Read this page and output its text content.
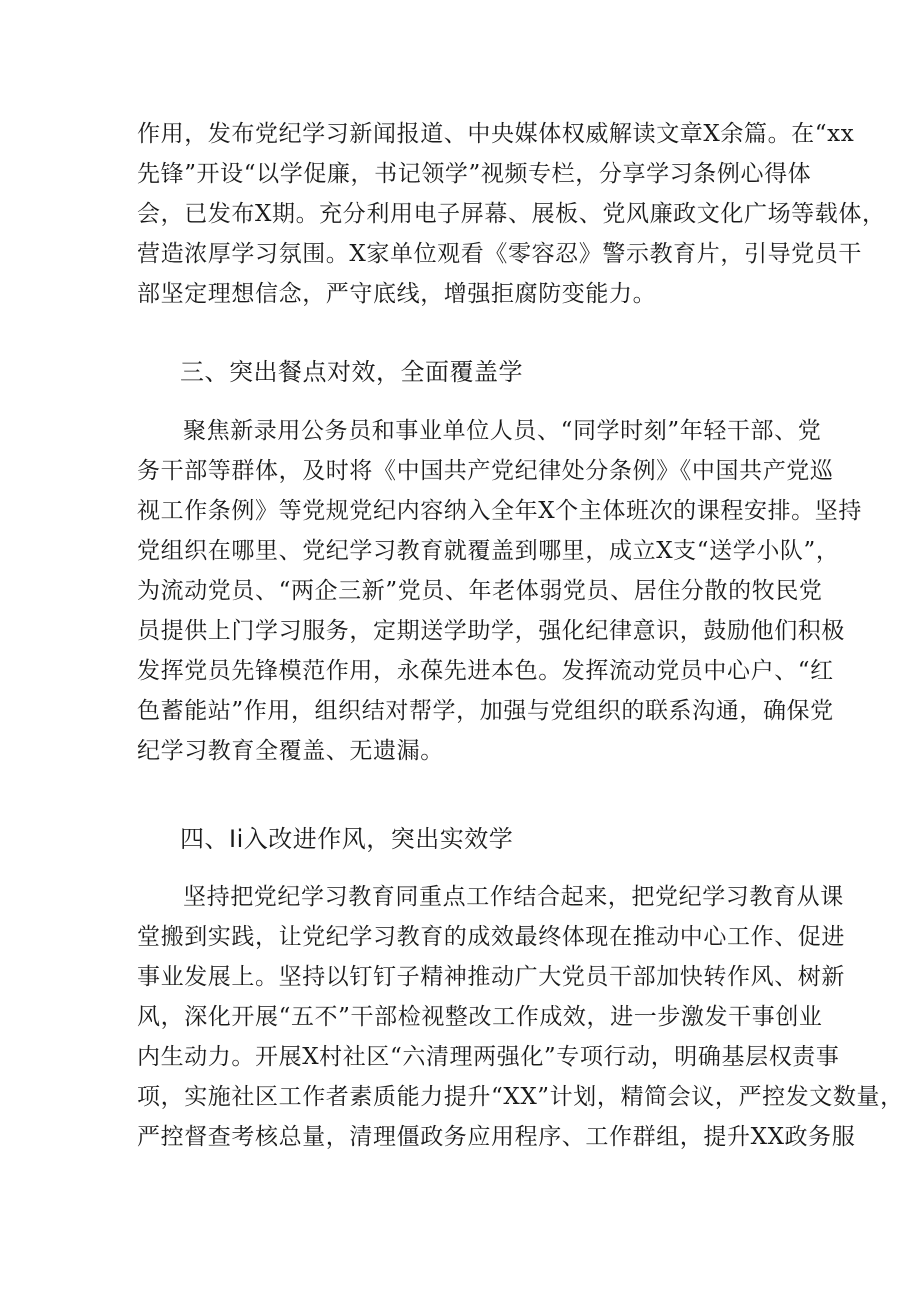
作用，发布党纪学习新闻报道、中央媒体权威解读文章X余篇。在“xx
先锋”开设“以学促廉，书记领学”视频专栏，分享学习条例心得体
会，已发布X期。充分利用电子屏幕、展板、党风廉政文化广场等载体，
营造浓厚学习氛围。X家单位观看《零容忍》警示教育片，引导党员干
部坚定理想信念，严守底线，增强拒腐防变能力。
三、突出餐点对效，全面覆盖学
聚焦新录用公务员和事业单位人员、“同学时刻”年轻干部、党
务干部等群体，及时将《中国共产党纪律处分条例》《中国共产党巡
视工作条例》等党规党纪内容纳入全年X个主体班次的课程安排。坚持
党组织在哪里、党纪学习教育就覆盖到哪里，成立X支“送学小队”，
为流动党员、“两企三新”党员、年老体弱党员、居住分散的牧民党
员提供上门学习服务，定期送学助学，强化纪律意识，鼓励他们积极
发挥党员先锋模范作用，永葆先进本色。发挥流动党员中心户、“红
色蓄能站”作用，组织结对帮学，加强与党组织的联系沟通，确保党
纪学习教育全覆盖、无遗漏。
四、Ii入改进作风，突出实效学
坚持把党纪学习教育同重点工作结合起来，把党纪学习教育从课
堂搬到实践，让党纪学习教育的成效最终体现在推动中心工作、促进
事业发展上。坚持以钉钉子精神推动广大党员干部加快转作风、树新
风，深化开展“五不”干部检视整改工作成效，进一步激发干事创业
内生动力。开展X村社区“六清理两强化”专项行动，明确基层权责事
项，实施社区工作者素质能力提升“XX”计划，精简会议，严控发文数量，
严控督查考核总量，清理僵政务应用程序、工作群组，提升XX政务服
